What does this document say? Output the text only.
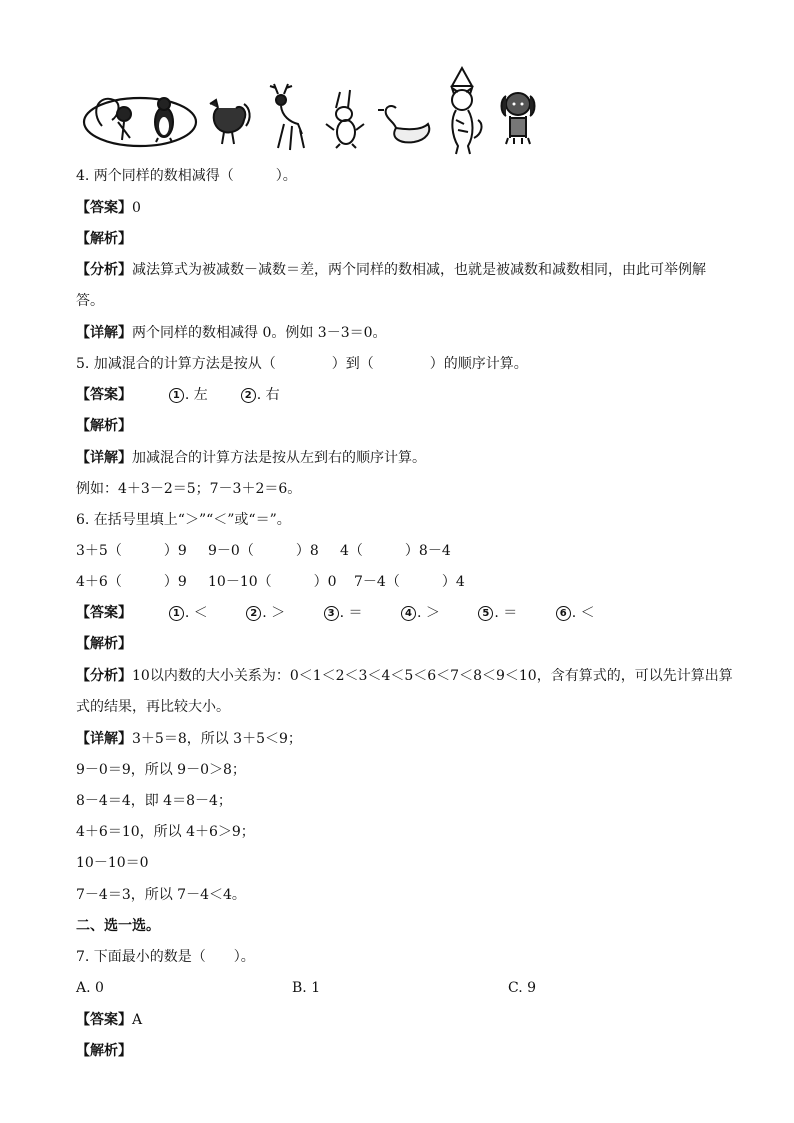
4. 两个同样的数相减得（　　　）。
【答案】0
【解析】
【分析】减法算式为被减数－减数＝差，两个同样的数相减，也就是被减数和减数相同，由此可举例解
答。
【详解】两个同样的数相减得 0。例如 3－3＝0。
5. 加减混合的计算方法是按从（　　　　）到（　　　　）的顺序计算。
【答案】	1 . 左	2 . 右
【解析】
【详解】加减混合的计算方法是按从左到右的顺序计算。
例如：4＋3－2＝5；7－3＋2＝6。
6. 在括号里填上“＞”“＜”或“＝”。
3＋5（　　　）9 9－0（　　　）8 4（　　　）8－4
4＋6（　　　）9 10－10（　　　）0 7－4（　　　）4
【答案】	1 . ＜	2 . ＞	3 . ＝	4 . ＞	5 . ＝	6 . ＜
【解析】
【分析】10以内数的大小关系为：0＜1＜2＜3＜4＜5＜6＜7＜8＜9＜10，含有算式的，可以先计算出算
式的结果，再比较大小。
【详解】3＋5＝8，所以 3＋5＜9；
9－0＝9，所以 9－0＞8；
8－4＝4，即 4＝8－4；
4＋6＝10，所以 4＋6＞9；
10－10＝0
7－4＝3，所以 7－4＜4。
二、选一选。
7. 下面最小的数是（　　）。
A. 0	B. 1	C. 9
【答案】A
【解析】
